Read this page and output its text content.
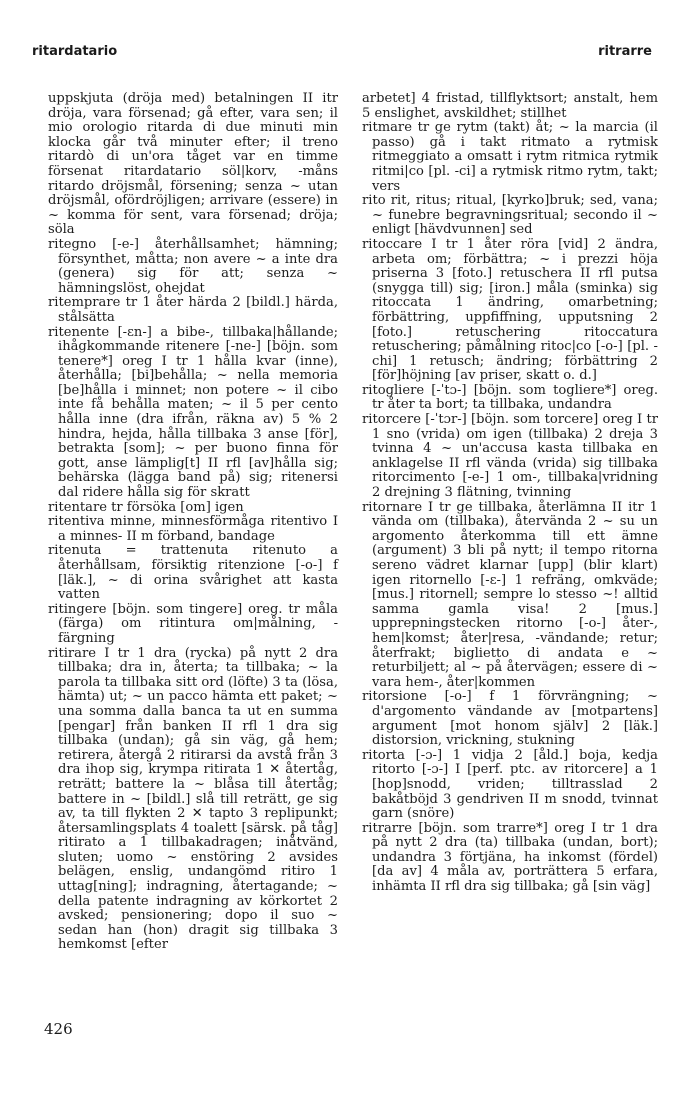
ritardatario	ritrarre

uppskjuta (dröja med) betalningen II itr dröja, vara försenad; gå efter, vara sen; il mio orologio ritarda di due minuti min klocka går två minuter efter; il treno ritardò di un'ora tåget var en timme försenat ritardatario söl|korv, -måns ritardo dröjsmål, försening; senza ~ utan dröjsmål, ofördröjligen; arrivare (essere) in ~ komma för sent, vara försenad; dröja; söla

ritegno [-e-] återhållsamhet; hämning; försynthet, måtta; non avere ~ a inte dra (genera) sig för att; senza ~ hämningslöst, ohejdat

ritemprare tr 1 åter härda 2 [bildl.] härda, stålsätta

ritenente [-ɛn-] a bibe-, tillbaka|hållande; ihågkommande ritenere [-ne-] [böjn. som tenere*] oreg I tr 1 hålla kvar (inne), återhålla; [bi]behålla; ~ nella memoria [be]hålla i minnet; non potere ~ il cibo inte få behålla maten; ~ il 5 per cento hålla inne (dra ifrån, räkna av) 5 % 2 hindra, hejda, hålla tillbaka 3 anse [för], betrakta [som]; ~ per buono finna för gott, anse lämplig[t] II rfl [av]hålla sig; behärska (lägga band på) sig; ritenersi dal ridere hålla sig för skratt

ritentare tr försöka [om] igen

ritentiva minne, minnesförmåga ritentivo I a minnes- II m förband, bandage

ritenuta = trattenuta ritenuto a återhållsam, försiktig ritenzione [-o-] f [läk.], ~ di orina svårighet att kasta vatten

ritingere [böjn. som tingere] oreg. tr måla (färga) om ritintura om|målning, -färgning

ritirare I tr 1 dra (rycka) på nytt 2 dra tillbaka; dra in, återta; ta tillbaka; ~ la parola ta tillbaka sitt ord (löfte) 3 ta (lösa, hämta) ut; ~ un pacco hämta ett paket; ~ una somma dalla banca ta ut en summa [pengar] från banken II rfl 1 dra sig tillbaka (undan); gå sin väg, gå hem; retirera, återgå 2 ritirarsi da avstå från 3 dra ihop sig, krympa ritirata 1 ✕ återtåg, reträtt; battere la ~ blåsa till återtåg; battere in ~ [bildl.] slå till reträtt, ge sig av, ta till flykten 2 ✕ tapto 3 replipunkt; återsamlingsplats 4 toalett [särsk. på tåg] ritirato a 1 tillbakadragen; inåtvänd, sluten; uomo ~ enstöring 2 avsides belägen, enslig, undangömd ritiro 1 uttag[ning]; indragning, återtagande; ~ della patente indragning av körkortet 2 avsked; pensionering; dopo il suo ~ sedan han (hon) dragit sig tillbaka 3 hemkomst [efter

arbetet] 4 fristad, tillflyktsort; anstalt, hem 5 enslighet, avskildhet; stillhet

ritmare tr ge rytm (takt) åt; ~ la marcia (il passo) gå i takt ritmato a rytmisk ritmeggiato a omsatt i rytm ritmica rytmik ritmi|co [pl. -ci] a rytmisk ritmo rytm, takt; vers

rito rit, ritus; ritual, [kyrko]bruk; sed, vana; ~ funebre begravningsritual; secondo il ~ enligt [hävdvunnen] sed

ritoccare I tr 1 åter röra [vid] 2 ändra, arbeta om; förbättra; ~ i prezzi höja priserna 3 [foto.] retuschera II rfl putsa (snygga till) sig; [iron.] måla (sminka) sig ritoccata 1 ändring, omarbetning; förbättring, uppfiffning, upputsning 2 [foto.] retuschering ritoccatura retuschering; påmålning ritoc|co [-o-] [pl. -chi] 1 retusch; ändring; förbättring 2 [för]höjning [av priser, skatt o. d.]

ritogliere [-ˈtɔ-] [böjn. som togliere*] oreg. tr åter ta bort; ta tillbaka, undandra

ritorcere [-ˈtɔr-] [böjn. som torcere] oreg I tr 1 sno (vrida) om igen (tillbaka) 2 dreja 3 tvinna 4 ~ un'accusa kasta tillbaka en anklagelse II rfl vända (vrida) sig tillbaka ritorcimento [-e-] 1 om-, tillbaka|vridning 2 drejning 3 flätning, tvinning

ritornare I tr ge tillbaka, återlämna II itr 1 vända om (tillbaka), återvända 2 ~ su un argomento återkomma till ett ämne (argument) 3 bli på nytt; il tempo ritorna sereno vädret klarnar [upp] (blir klart) igen ritornello [-ɛ-] 1 refräng, omkväde; [mus.] ritornell; sempre lo stesso ~! alltid samma gamla visa! 2 [mus.] upprepningstecken ritorno [-o-] åter-, hem|komst; åter|resa, -vändande; retur; återfrakt; biglietto di andata e ~ returbiljett; al ~ på återvägen; essere di ~ vara hem-, åter|kommen

ritorsione [-o-] f 1 förvrängning; ~ d'argomento vändande av [motpartens] argument [mot honom själv] 2 [läk.] distorsion, vrickning, stukning

ritorta [-ɔ-] 1 vidja 2 [åld.] boja, kedja ritorto [-ɔ-] I [perf. ptc. av ritorcere] a 1 [hop]snodd, vriden; tilltrasslad 2 bakåtböjd 3 gendriven II m snodd, tvinnat garn (snöre)

ritrarre [böjn. som trarre*] oreg I tr 1 dra på nytt 2 dra (ta) tillbaka (undan, bort); undandra 3 förtjäna, ha inkomst (fördel) [da av] 4 måla av, porträttera 5 erfara, inhämta II rfl dra sig tillbaka; gå [sin väg]

426
